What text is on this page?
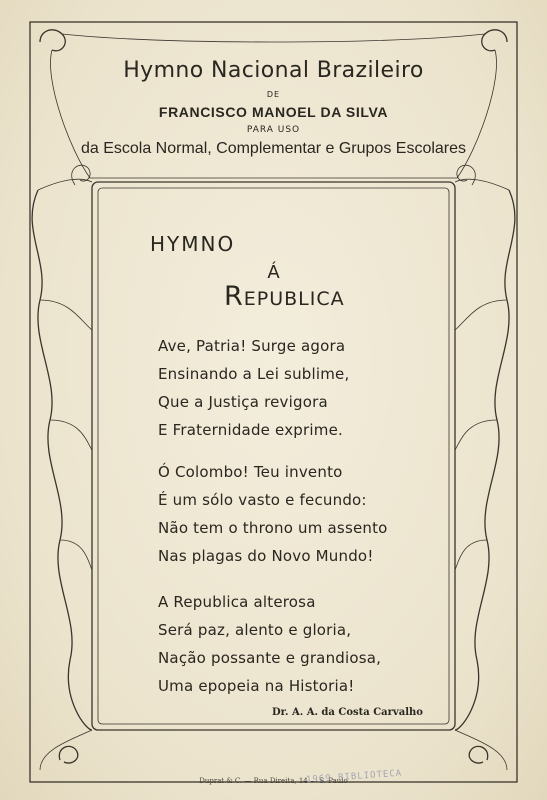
Hymno Nacional Brazileiro

DE

FRANCISCO MANOEL DA SILVA

PARA USO

da Escola Normal, Complementar e Grupos Escolares

HYMNO

Á

Republica
Ave, Patria! Surge agora
Ensinando a Lei sublime,
Que a Justiça revigora
E Fraternidade exprime.
Ó Colombo! Teu invento
É um sólo vasto e fecundo:
Não tem o throno um assento
Nas plagas do Novo Mundo!
A Republica alterosa
Será paz, alento e gloria,
Nação possante e grandiosa,
Uma epopeia na Historia!

Dr. A. A. da Costa Carvalho

Duprat & C. — Rua Direita, 14 — S. Paulo

1969 BIBLIOTECA
